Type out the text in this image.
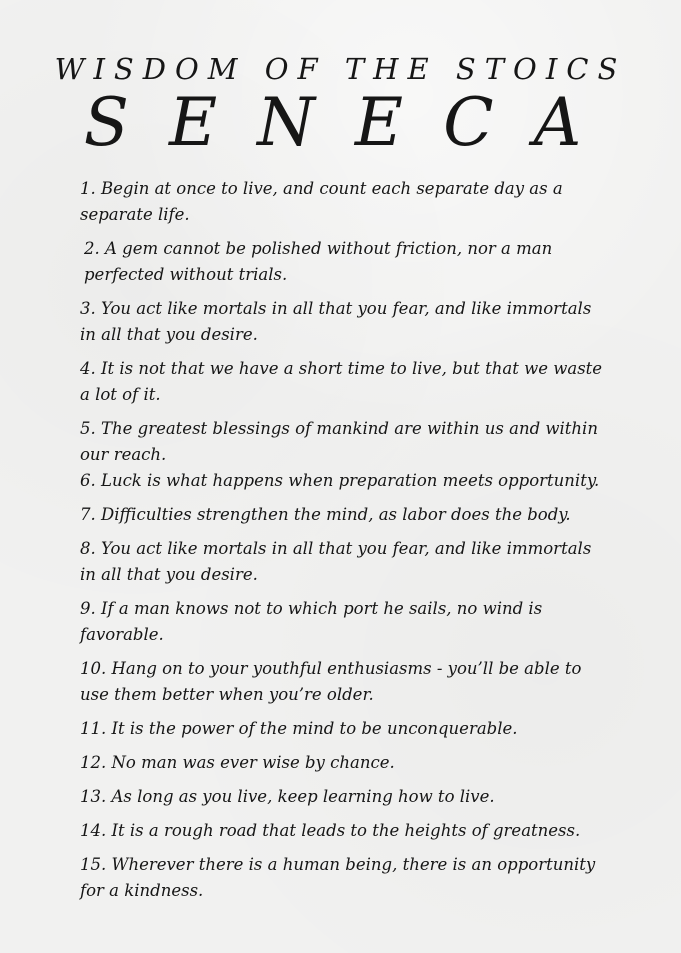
WISDOM OF THE STOICS
SENECA
1. Begin at once to live, and count each separate day as a separate life.
2. A gem cannot be polished without friction, nor a man perfected without trials.
3. You act like mortals in all that you fear, and like immortals in all that you desire.
4. It is not that we have a short time to live, but that we waste a lot of it.
5. The greatest blessings of mankind are within us and within our reach.
6. Luck is what happens when preparation meets opportunity.
7. Difficulties strengthen the mind, as labor does the body.
8. You act like mortals in all that you fear, and like immortals in all that you desire.
9. If a man knows not to which port he sails, no wind is favorable.
10. Hang on to your youthful enthusiasms - you’ll be able to use them better when you’re older.
11. It is the power of the mind to be unconquerable.
12. No man was ever wise by chance.
13. As long as you live, keep learning how to live.
14. It is a rough road that leads to the heights of greatness.
15. Wherever there is a human being, there is an opportunity for a kindness.
